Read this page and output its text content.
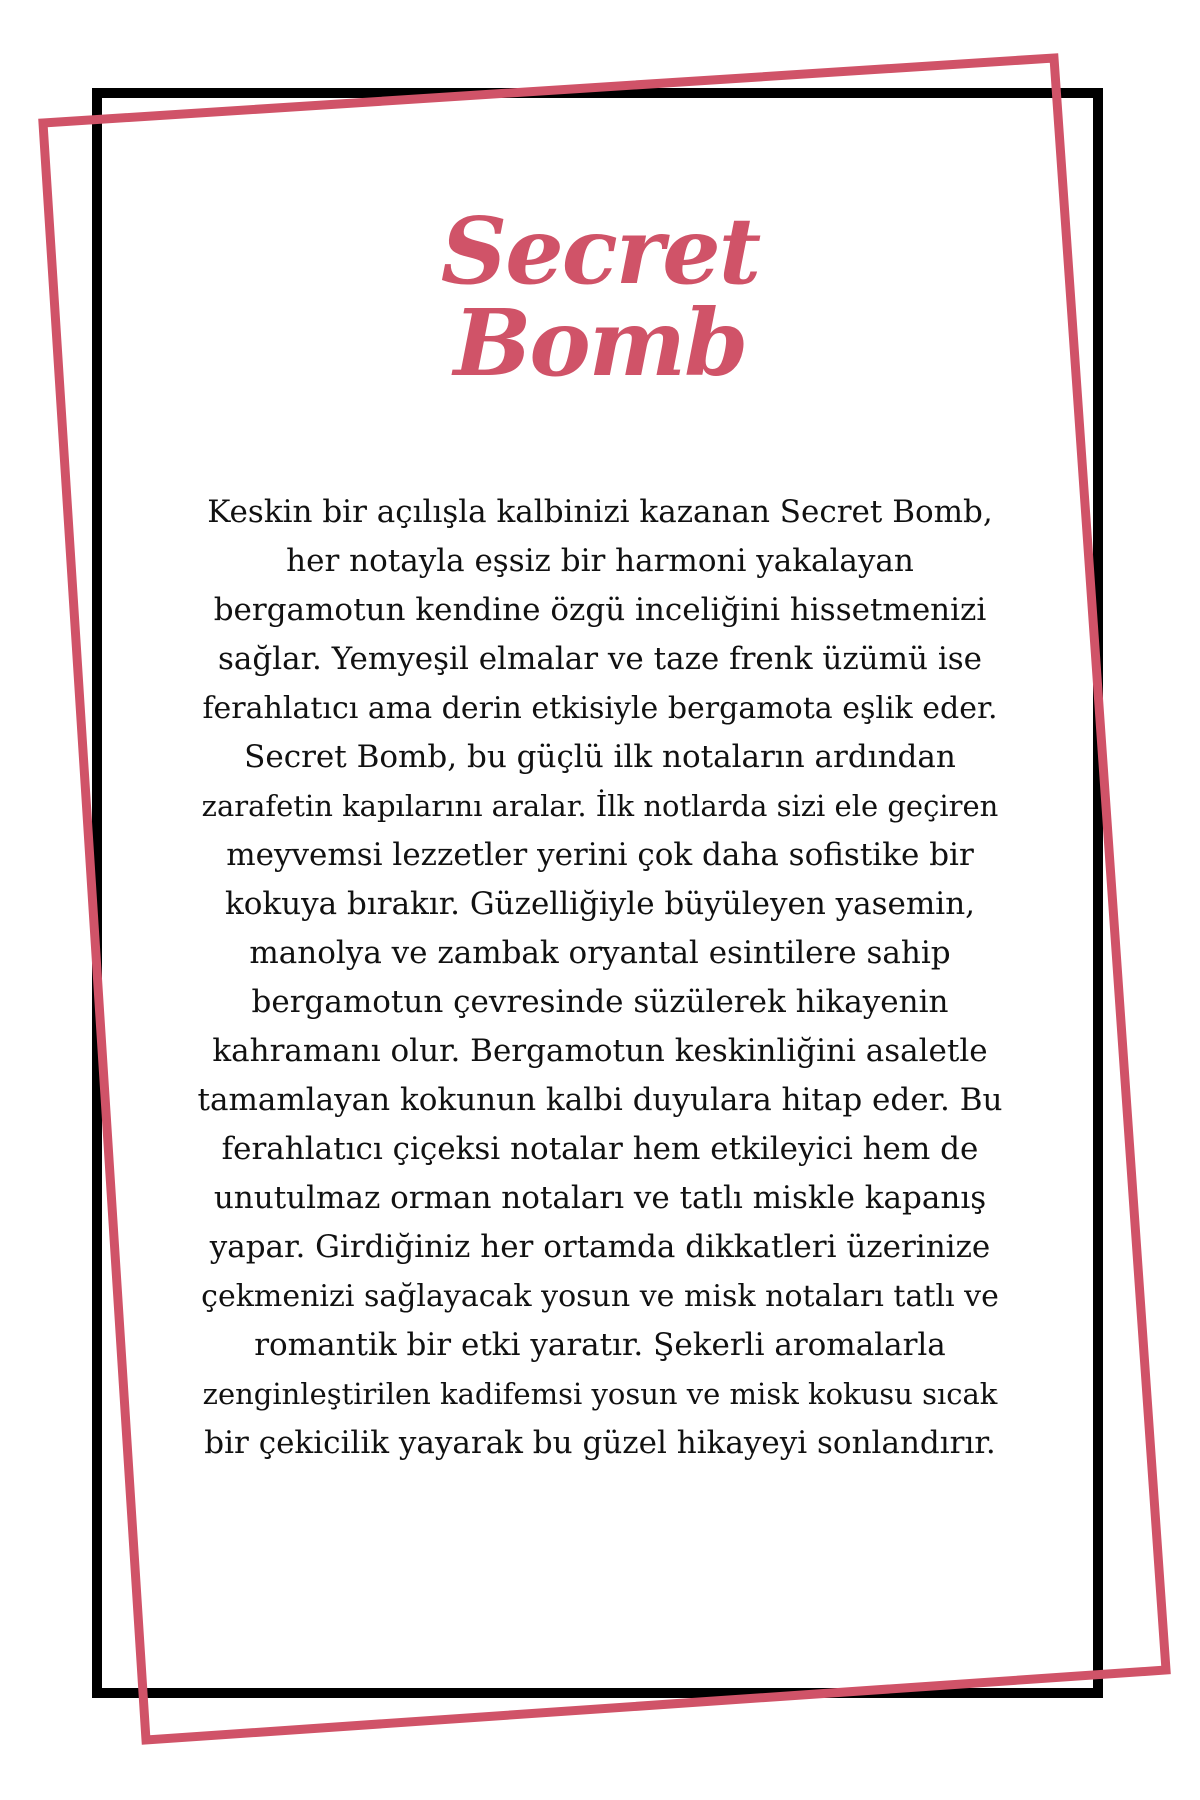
Secret
Bomb
Keskin bir açılışla kalbinizi kazanan Secret Bomb,
her notayla eşsiz bir harmoni yakalayan
bergamotun kendine özgü inceliğini hissetmenizi
sağlar. Yemyeşil elmalar ve taze frenk üzümü ise
ferahlatıcı ama derin etkisiyle bergamota eşlik eder.
Secret Bomb, bu güçlü ilk notaların ardından
zarafetin kapılarını aralar. İlk notlarda sizi ele geçiren
meyvemsi lezzetler yerini çok daha sofistike bir
kokuya bırakır. Güzelliğiyle büyüleyen yasemin,
manolya ve zambak oryantal esintilere sahip
bergamotun çevresinde süzülerek hikayenin
kahramanı olur. Bergamotun keskinliğini asaletle
tamamlayan kokunun kalbi duyulara hitap eder. Bu
ferahlatıcı çiçeksi notalar hem etkileyici hem de
unutulmaz orman notaları ve tatlı miskle kapanış
yapar. Girdiğiniz her ortamda dikkatleri üzerinize
çekmenizi sağlayacak yosun ve misk notaları tatlı ve
romantik bir etki yaratır. Şekerli aromalarla
zenginleştirilen kadifemsi yosun ve misk kokusu sıcak
bir çekicilik yayarak bu güzel hikayeyi sonlandırır.
